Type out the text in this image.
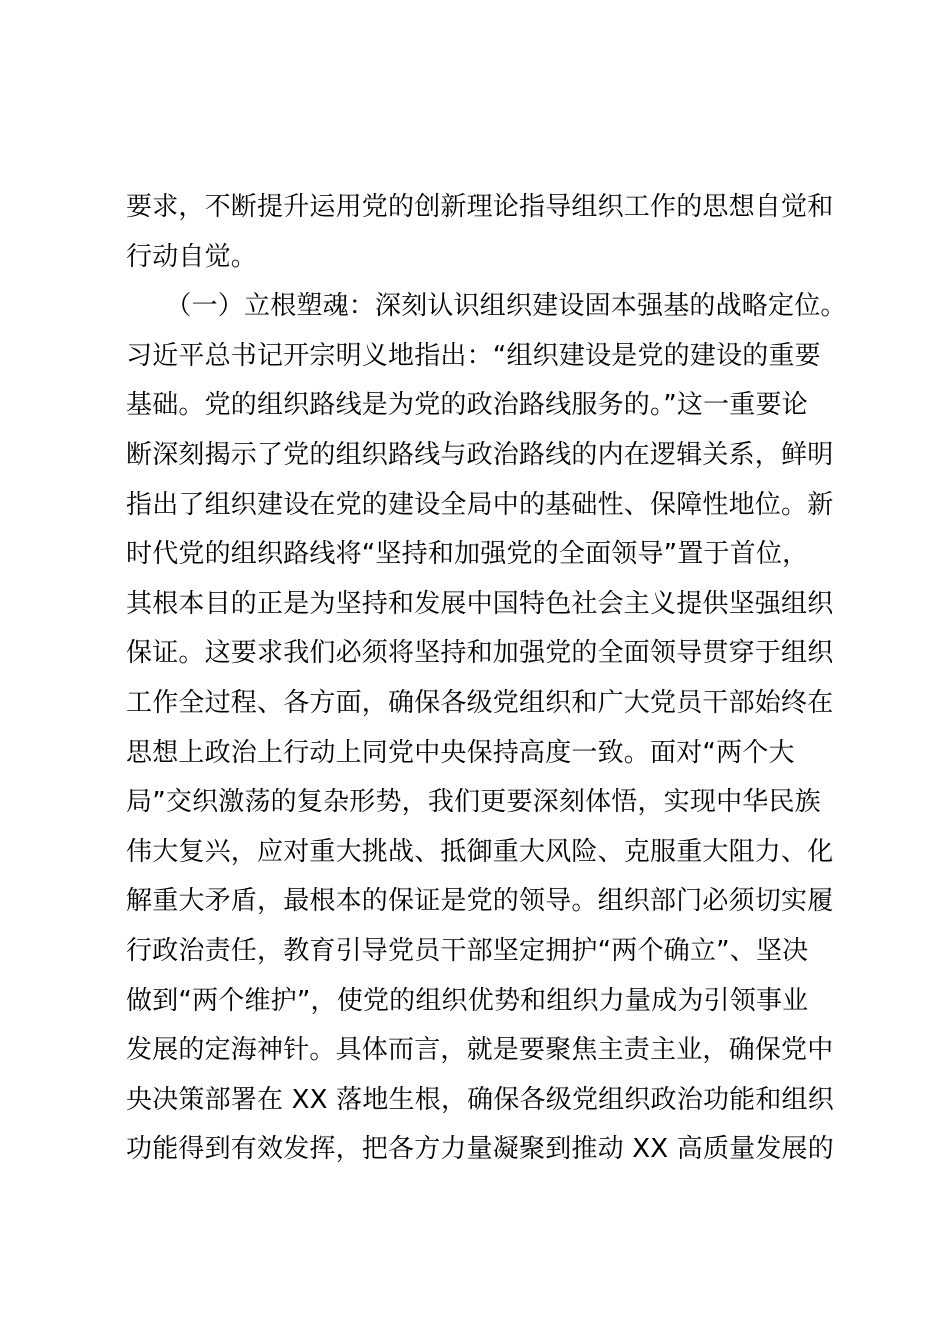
要求，不断提升运用党的创新理论指导组织工作的思想自觉和
行动自觉。
　　（一）立根塑魂：深刻认识组织建设固本强基的战略定位。
习近平总书记开宗明义地指出：“组织建设是党的建设的重要
基础。党的组织路线是为党的政治路线服务的。”这一重要论
断深刻揭示了党的组织路线与政治路线的内在逻辑关系，鲜明
指出了组织建设在党的建设全局中的基础性、保障性地位。新
时代党的组织路线将“坚持和加强党的全面领导”置于首位，
其根本目的正是为坚持和发展中国特色社会主义提供坚强组织
保证。这要求我们必须将坚持和加强党的全面领导贯穿于组织
工作全过程、各方面，确保各级党组织和广大党员干部始终在
思想上政治上行动上同党中央保持高度一致。面对“两个大
局”交织激荡的复杂形势，我们更要深刻体悟，实现中华民族
伟大复兴，应对重大挑战、抵御重大风险、克服重大阻力、化
解重大矛盾，最根本的保证是党的领导。组织部门必须切实履
行政治责任，教育引导党员干部坚定拥护“两个确立”、坚决
做到“两个维护”，使党的组织优势和组织力量成为引领事业
发展的定海神针。具体而言，就是要聚焦主责主业，确保党中
央决策部署在 XX 落地生根，确保各级党组织政治功能和组织
功能得到有效发挥，把各方力量凝聚到推动 XX 高质量发展的
